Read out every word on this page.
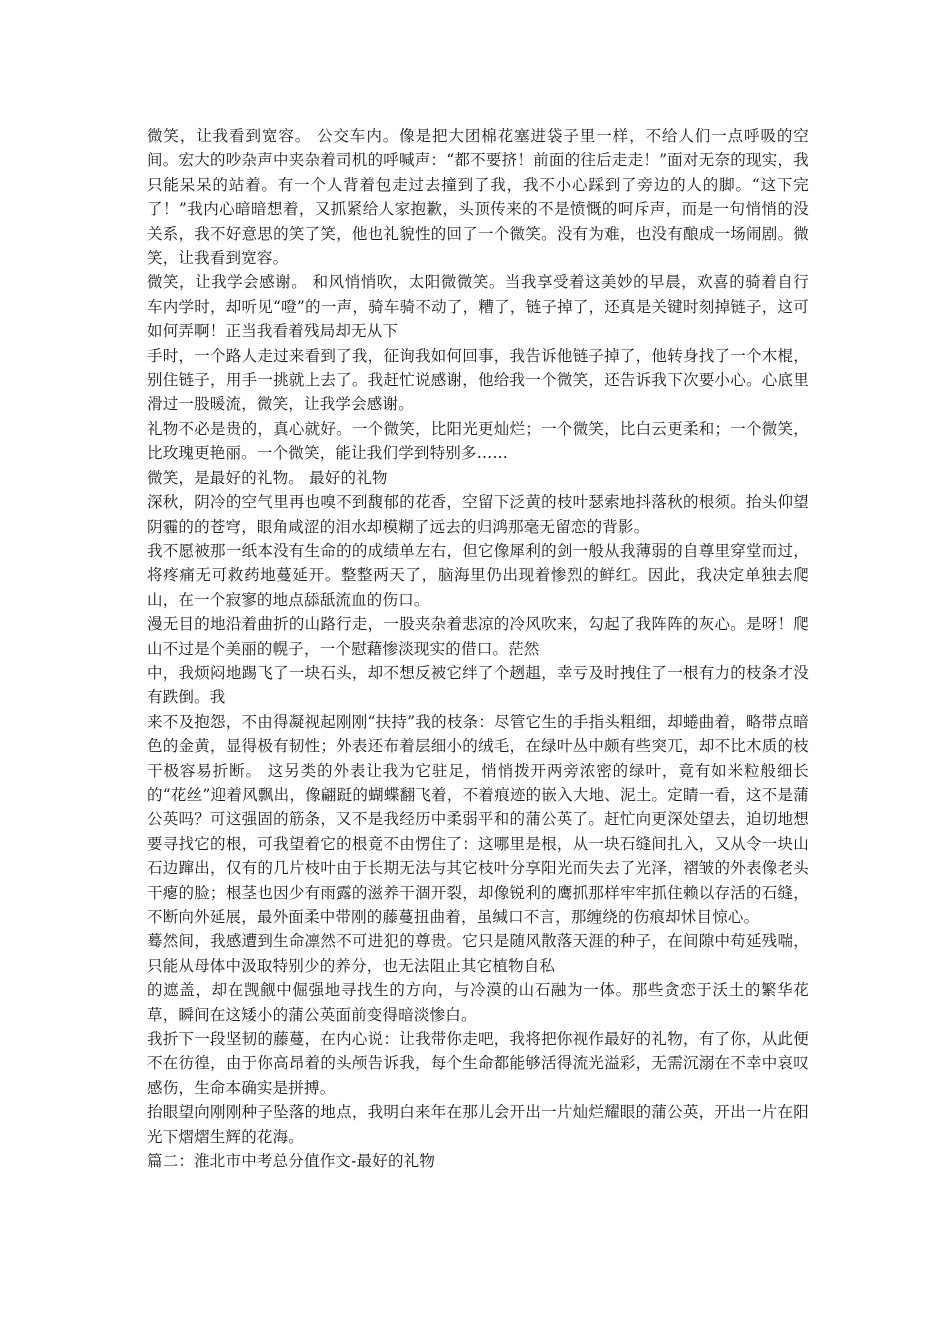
微笑，让我看到宽容。 公交车内。像是把大团棉花塞进袋子里一样，不给人们一点呼吸的空间。宏大的吵杂声中夹杂着司机的呼喊声：“都不要挤！前面的往后走走！”面对无奈的现实，我只能呆呆的站着。有一个人背着包走过去撞到了我，我不小心踩到了旁边的人的脚。“这下完了！”我内心暗暗想着，又抓紧给人家抱歉，头顶传来的不是愤慨的呵斥声，而是一句悄悄的没关系，我不好意思的笑了笑，他也礼貌性的回了一个微笑。没有为难，也没有酿成一场闹剧。微笑，让我看到宽容。

微笑，让我学会感谢。 和风悄悄吹，太阳微微笑。当我享受着这美妙的早晨，欢喜的骑着自行车内学时，却听见“噔”的一声，骑车骑不动了，糟了，链子掉了，还真是关键时刻掉链子，这可如何弄啊！正当我看着残局却无从下

手时，一个路人走过来看到了我，征询我如何回事，我告诉他链子掉了，他转身找了一个木棍，别住链子，用手一挑就上去了。我赶忙说感谢，他给我一个微笑，还告诉我下次要小心。心底里滑过一股暖流，微笑，让我学会感谢。

礼物不必是贵的，真心就好。一个微笑，比阳光更灿烂；一个微笑，比白云更柔和；一个微笑，比玫瑰更艳丽。一个微笑，能让我们学到特别多……

微笑，是最好的礼物。 最好的礼物

深秋，阴冷的空气里再也嗅不到馥郁的花香，空留下泛黄的枝叶瑟索地抖落秋的根须。抬头仰望阴霾的的苍穹，眼角咸涩的泪水却模糊了远去的归鸿那毫无留恋的背影。

我不愿被那一纸本没有生命的的成绩单左右，但它像犀利的剑一般从我薄弱的自尊里穿堂而过，将疼痛无可救药地蔓延开。整整两天了，脑海里仍出现着惨烈的鲜红。因此，我决定单独去爬山，在一个寂寥的地点舔舐流血的伤口。

漫无目的地沿着曲折的山路行走，一股夹杂着悲凉的冷风吹来，勾起了我阵阵的灰心。是呀！爬山不过是个美丽的幌子，一个慰藉惨淡现实的借口。茫然

中，我烦闷地踢飞了一块石头，却不想反被它绊了个趔趄，幸亏及时拽住了一根有力的枝条才没有跌倒。我

来不及抱怨，不由得凝视起刚刚“扶持”我的枝条：尽管它生的手指头粗细，却蜷曲着，略带点暗色的金黄，显得极有韧性；外表还布着层细小的绒毛，在绿叶丛中颇有些突兀，却不比木质的枝干极容易折断。 这另类的外表让我为它驻足，悄悄拨开两旁浓密的绿叶，竟有如米粒般细长的“花丝”迎着风飘出，像翩跹的蝴蝶翻飞着，不着痕迹的嵌入大地、泥土。定睛一看，这不是蒲公英吗？可这强固的筋条，又不是我经历中柔弱平和的蒲公英了。赶忙向更深处望去，迫切地想要寻找它的根，可我望着它的根竟不由愣住了：这哪里是根，从一块石缝间扎入，又从令一块山石边蹿出，仅有的几片枝叶由于长期无法与其它枝叶分享阳光而失去了光泽，褶皱的外表像老头干瘪的脸；根茎也因少有雨露的滋养干涸开裂，却像锐利的鹰抓那样牢牢抓住赖以存活的石缝，不断向外延展，最外面柔中带刚的藤蔓扭曲着，虽缄口不言，那缠绕的伤痕却怵目惊心。

蓦然间，我感遭到生命凛然不可进犯的尊贵。它只是随风散落天涯的种子，在间隙中苟延残喘，只能从母体中汲取特别少的养分，也无法阻止其它植物自私

的遮盖，却在觊觎中倔强地寻找生的方向，与冷漠的山石融为一体。那些贪恋于沃土的繁华花草，瞬间在这矮小的蒲公英面前变得暗淡惨白。

我折下一段坚韧的藤蔓，在内心说：让我带你走吧，我将把你视作最好的礼物，有了你，从此便不在彷徨，由于你高昂着的头颅告诉我，每个生命都能够活得流光溢彩，无需沉溺在不幸中哀叹感伤，生命本确实是拼搏。

抬眼望向刚刚种子坠落的地点，我明白来年在那儿会开出一片灿烂耀眼的蒲公英，开出一片在阳光下熠熠生辉的花海。

篇二：淮北市中考总分值作文-最好的礼物
